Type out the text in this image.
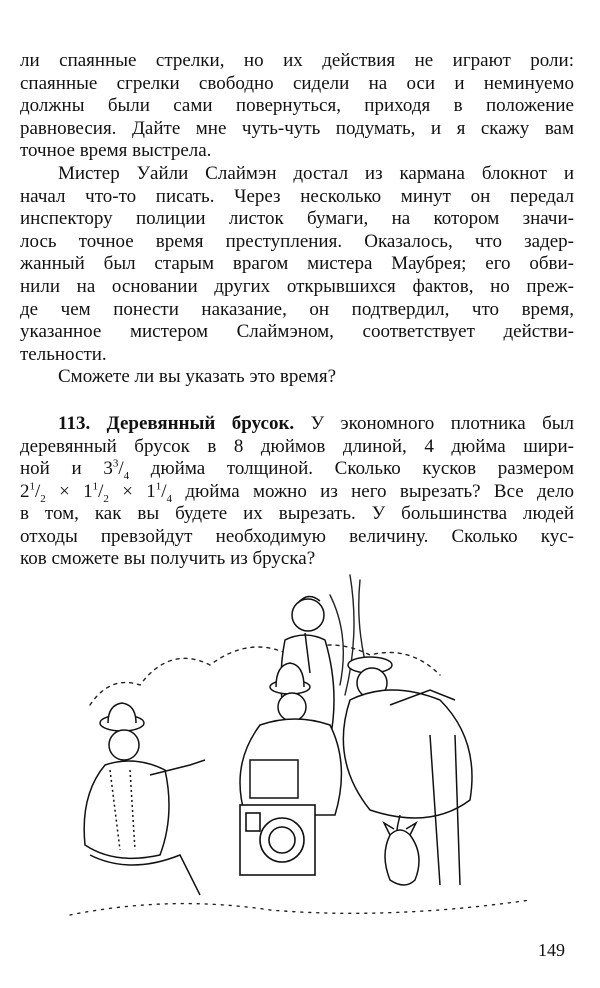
ли спаянные стрелки, но их действия не играют роли:
спаянные сгрелки свободно сидели на оси и неминуемо
должны были сами повернуться, приходя в положение
равновесия. Дайте мне чуть-чуть подумать, и я скажу вам
точное время выстрела.
Мистер Уайли Слаймэн достал из кармана блокнот и
начал что-то писать. Через несколько минут он передал
инспектору полиции листок бумаги, на котором значи-
лось точное время преступления. Оказалось, что задер-
жанный был старым врагом мистера Маубрея; его обви-
нили на основании других открывшихся фактов, но преж-
де чем понести наказание, он подтвердил, что время,
указанное мистером Слаймэном, соответствует действи-
тельности.
Сможете ли вы указать это время?
113. Деревянный брусок. У экономного плотника был
деревянный брусок в 8 дюймов длиной, 4 дюйма шири-
ной и $3^3/_4$ дюйма толщиной. Сколько кусков размером
$2^1/_2 \times 1^1/_2 \times 1^1/_4$ дюйма можно из него вырезать? Все дело
в том, как вы будете их вырезать. У большинства людей
отходы превзойдут необходимую величину. Сколько кус-
ков сможете вы получить из бруска?
149
